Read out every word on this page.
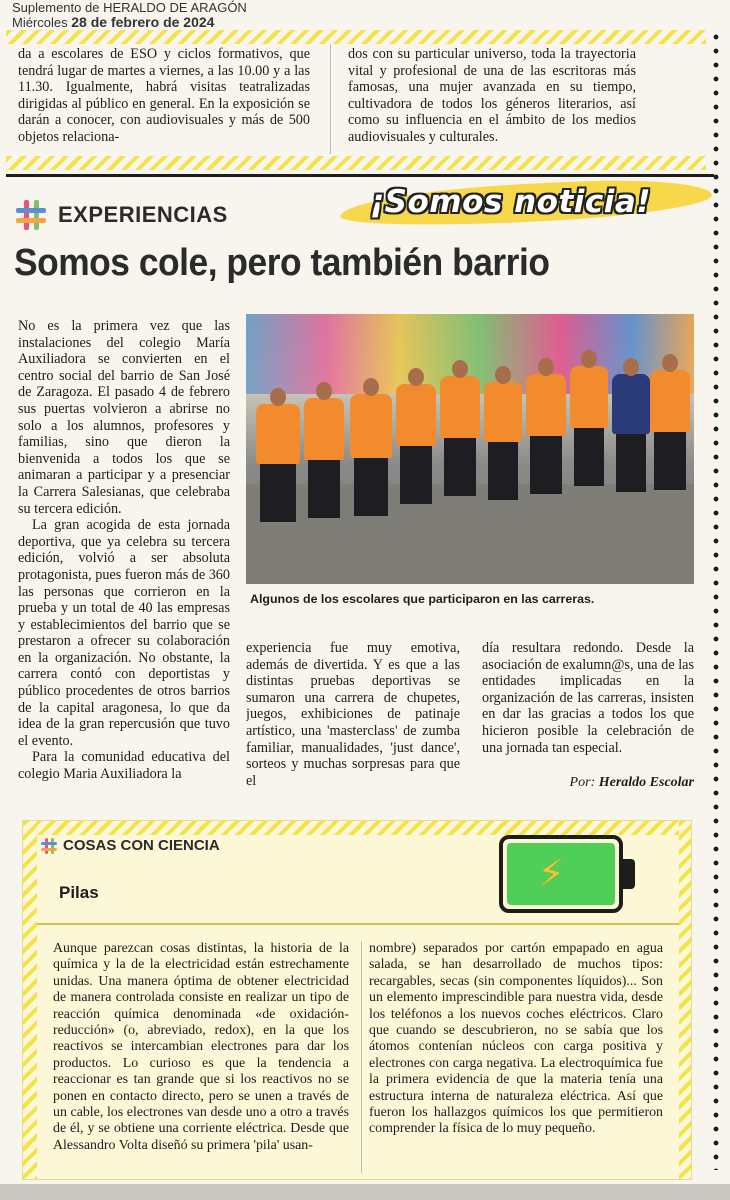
Suplemento de HERALDO DE ARAGÓN
Miércoles 28 de febrero de 2024
da a escolares de ESO y ciclos formativos, que tendrá lugar de martes a viernes, a las 10.00 y a las 11.30. Igualmente, habrá visitas teatralizadas dirigidas al público en general. En la exposición se darán a conocer, con audiovisuales y más de 500 objetos relaciona-
dos con su particular universo, toda la trayectoria vital y profesional de una de las escritoras más famosas, una mujer avanzada en su tiempo, cultivadora de todos los géneros literarios, así como su influencia en el ámbito de los medios audiovisuales y culturales.
EXPERIENCIAS	¡Somos noticia!
Somos cole, pero también barrio

No es la primera vez que las instalaciones del colegio María Auxiliadora se convierten en el centro social del barrio de San José de Zaragoza. El pasado 4 de febrero sus puertas volvieron a abrirse no solo a los alumnos, profesores y familias, sino que dieron la bienvenida a todos los que se animaran a participar y a presenciar la Carrera Salesianas, que celebraba su tercera edición.

La gran acogida de esta jornada deportiva, que ya celebra su tercera edición, volvió a ser absoluta protagonista, pues fueron más de 360 las personas que corrieron en la prueba y un total de 40 las empresas y establecimientos del barrio que se prestaron a ofrecer su colaboración en la organización. No obstante, la carrera contó con deportistas y público procedentes de otros barrios de la capital aragonesa, lo que da idea de la gran repercusión que tuvo el evento.

Para la comunidad educativa del colegio Maria Auxiliadora la

Algunos de los escolares que participaron en las carreras.
experiencia fue muy emotiva, además de divertida. Y es que a las distintas pruebas deportivas se sumaron una carrera de chupetes, juegos, exhibiciones de patinaje artístico, una 'masterclass' de zumba familiar, manualidades, 'just dance', sorteos y muchas sorpresas para que el
día resultara redondo. Desde la asociación de exalumn@s, una de las entidades implicadas en la organización de las carreras, insisten en dar las gracias a todos los que hicieron posible la celebración de una jornada tan especial.
Por: Heraldo Escolar
COSAS CON CIENCIA
⚡
Pilas
Aunque parezcan cosas distintas, la historia de la química y la de la electricidad están estrechamente unidas. Una manera óptima de obtener electricidad de manera controlada consiste en realizar un tipo de reacción química denominada «de oxidación-reducción» (o, abreviado, redox), en la que los reactivos se intercambian electrones para dar los productos. Lo curioso es que la tendencia a reaccionar es tan grande que si los reactivos no se ponen en contacto directo, pero se unen a través de un cable, los electrones van desde uno a otro a través de él, y se obtiene una corriente eléctrica. Desde que Alessandro Volta diseñó su primera 'pila' usan-
nombre) separados por cartón empapado en agua salada, se han desarrollado de muchos tipos: recargables, secas (sin componentes líquidos)... Son un elemento imprescindible para nuestra vida, desde los teléfonos a los nuevos coches eléctricos. Claro que cuando se descubrieron, no se sabía que los átomos contenían núcleos con carga positiva y electrones con carga negativa. La electroquímica fue la primera evidencia de que la materia tenía una estructura interna de naturaleza eléctrica. Así que fueron los hallazgos químicos los que permitieron comprender la física de lo muy pequeño.
